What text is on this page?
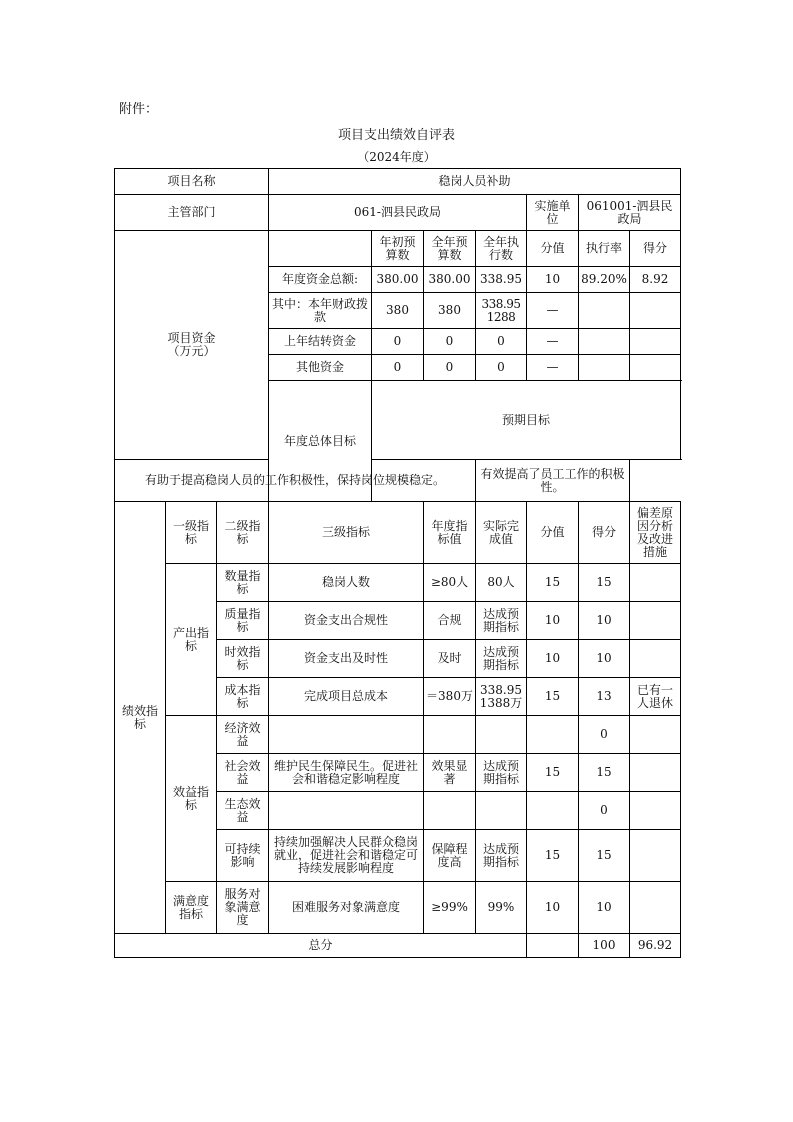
附件：
项目支出绩效自评表
（2024年度）
项目名称			稳岗人员补助							
主管部门			061-泗县民政局				实施单位	061001-泗县民政局		
项目资金
（万元）				年初预算数	全年预算数	全年执行数	分值	执行率	得分	
			年度资金总额:	380.00	380.00	338.95	10	89.20%	8.92	
			其中：本年财政拨款	380	380	338.951288	—			
			上年结转资金	0	0	0	—			
			其他资金	0	0	0	—			
			年度总体目标	预期目标	
有助于提高稳岗人员的工作积极性，保持岗位规模稳定。						有效提高了员工工作的积极性。				
绩效指标	一级指标	二级指标	三级指标		年度指标值	实际完成值	分值	得分	偏差原因分析及改进措施	
	产出指标	数量指标	稳岗人数		≥80人	80人	15	15		
		质量指标	资金支出合规性		合规	达成预期指标	10	10		
		时效指标	资金支出及时性		及时	达成预期指标	10	10		
		成本指标	完成项目总成本		＝380万	338.951388万	15	13	已有一人退休	
	效益指标	经济效益						0		
		社会效益	维护民生保障民生。促进社会和谐稳定影响程度		效果显著	达成预期指标	15	15		
		生态效益						0		
		可持续影响	持续加强解决人民群众稳岗就业，促进社会和谐稳定可持续发展影响程度		保障程度高	达成预期指标	15	15		
	满意度指标	服务对象满意度	困难服务对象满意度		≥99%	99%	10	10		
总分								100	96.92	
